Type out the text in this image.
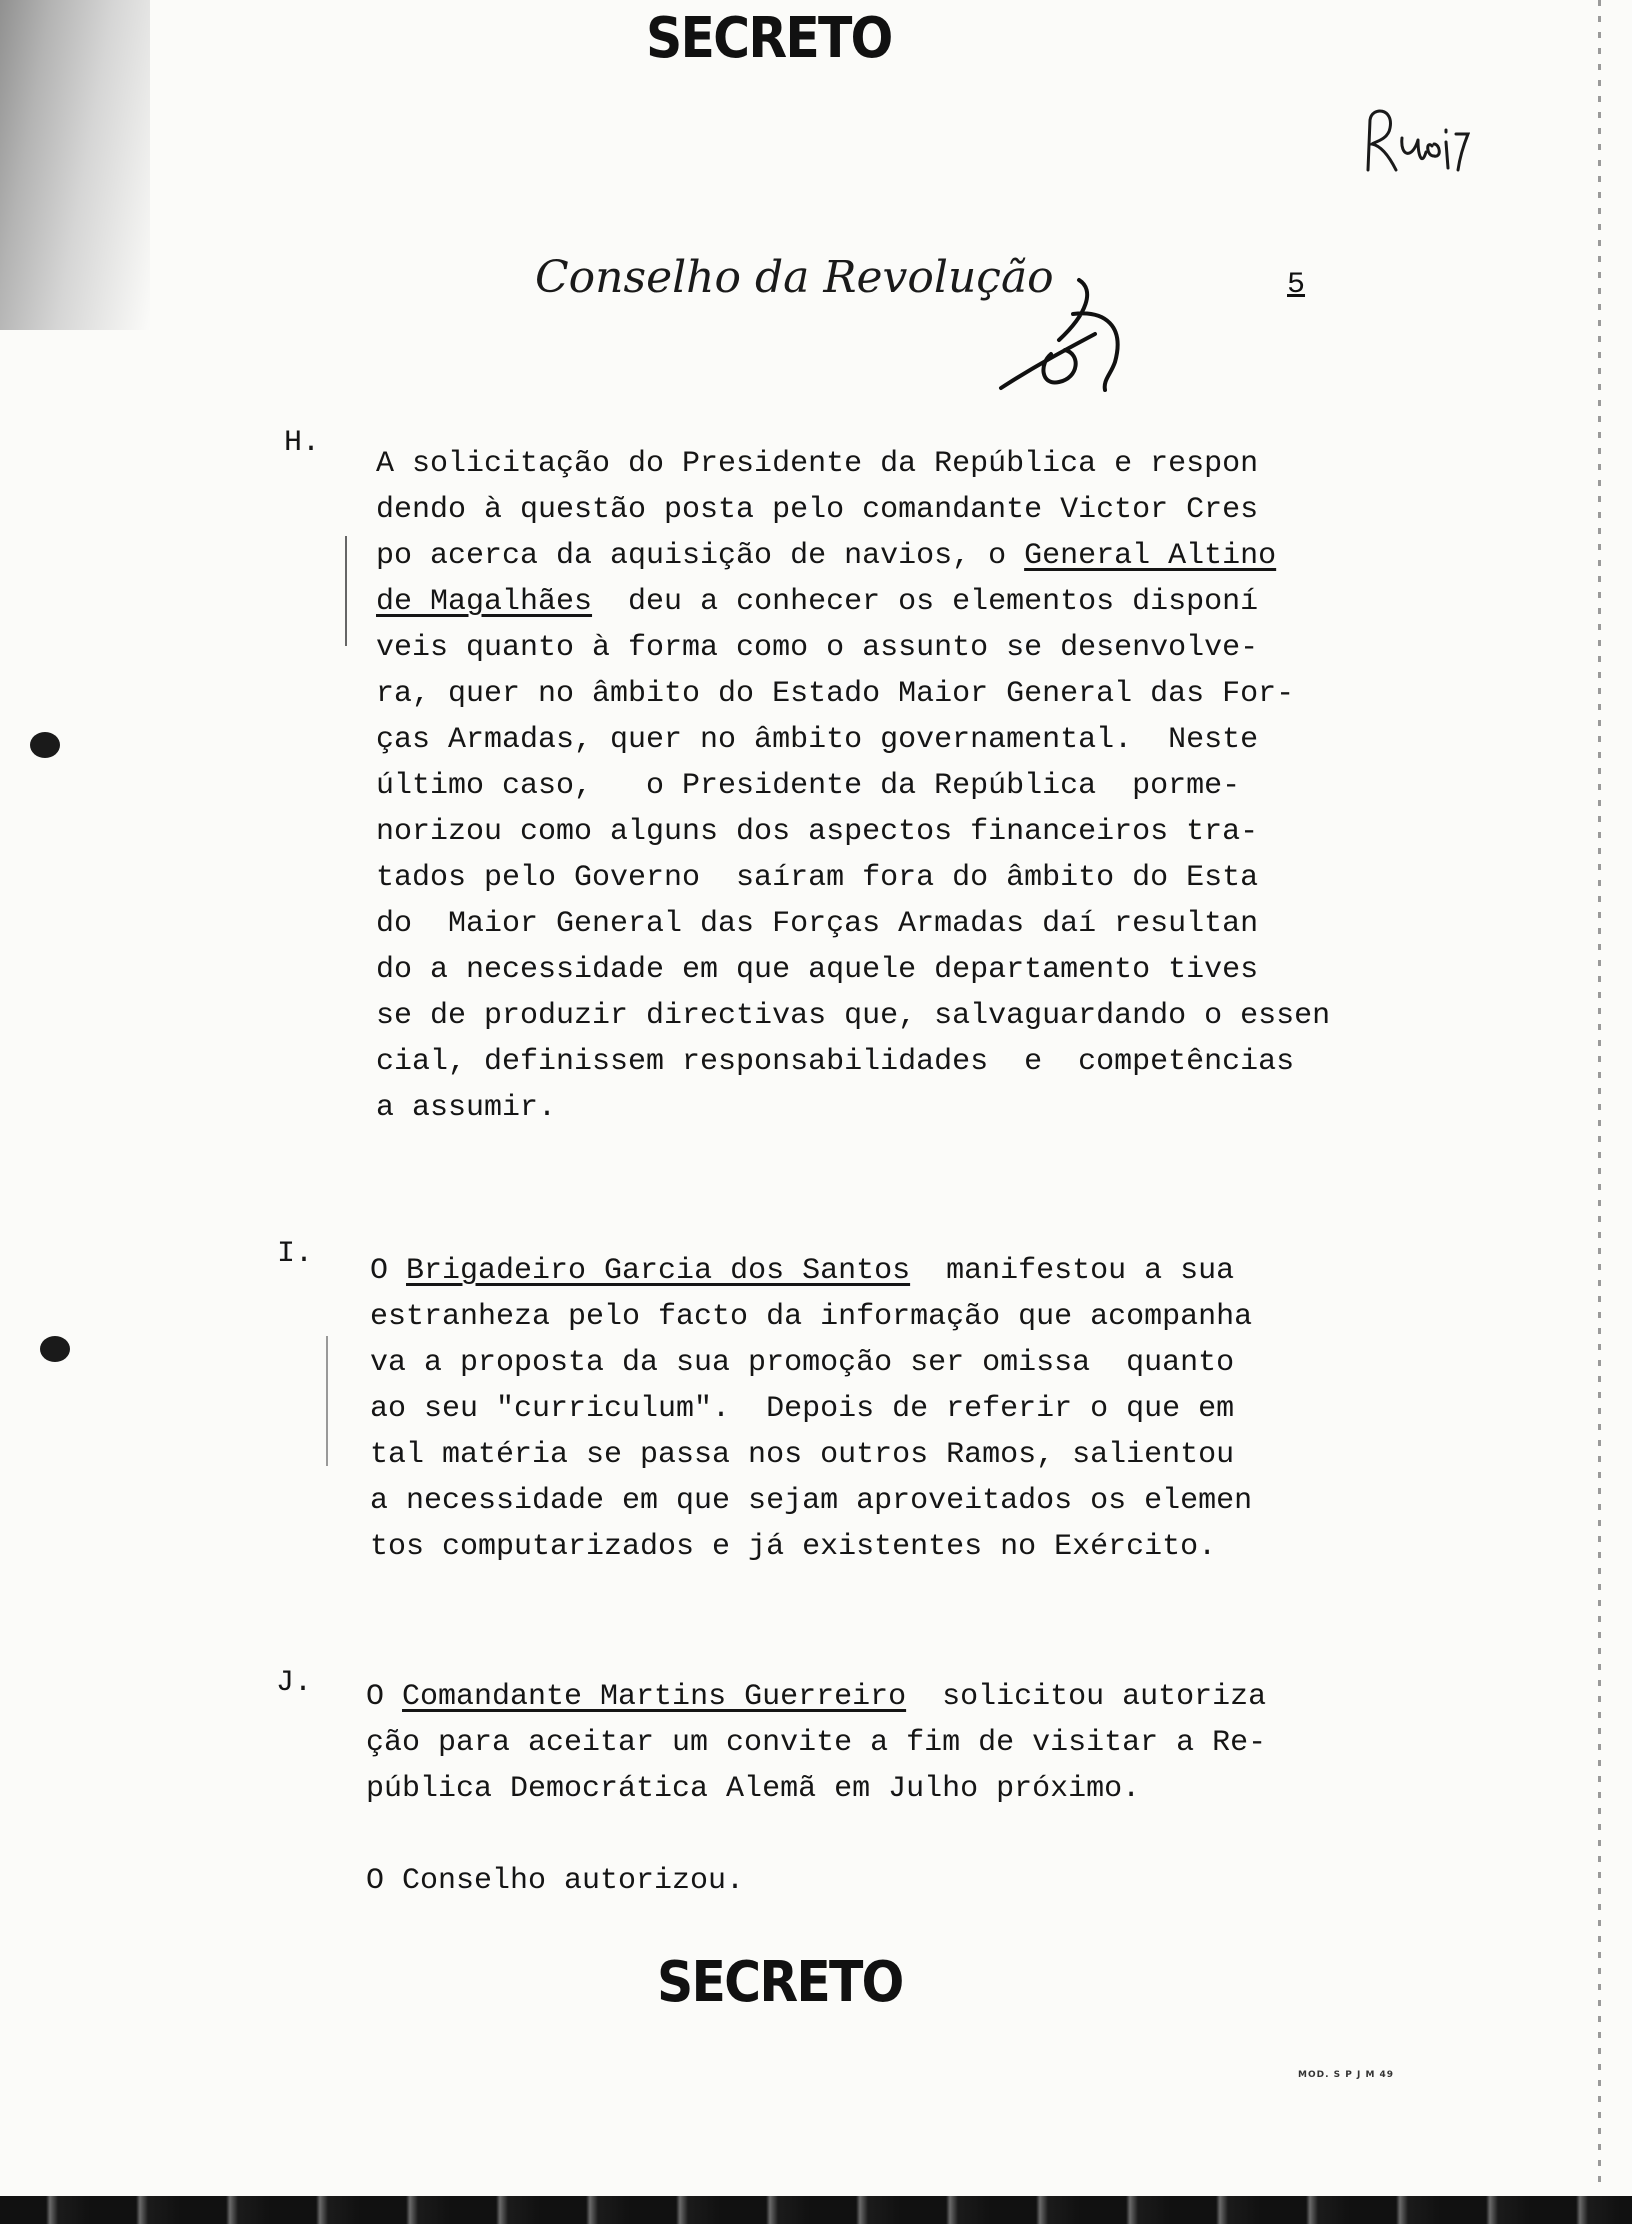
SECRETO
Conselho da Revolução	5
H.
A solicitação do Presidente da República e respon
dendo à questão posta pelo comandante Victor Cres
po acerca da aquisição de navios, o General Altino
de Magalhães  deu a conhecer os elementos disponí
veis quanto à forma como o assunto se desenvolve-
ra, quer no âmbito do Estado Maior General das For-
ças Armadas, quer no âmbito governamental.  Neste
último caso,   o Presidente da República  porme-
norizou como alguns dos aspectos financeiros tra-
tados pelo Governo  saíram fora do âmbito do Esta
do  Maior General das Forças Armadas daí resultan
do a necessidade em que aquele departamento tives
se de produzir directivas que, salvaguardando o essen
cial, definissem responsabilidades  e  competências
a assumir.
I. O Brigadeiro Garcia dos Santos  manifestou a sua
estranheza pelo facto da informação que acompanha
va a proposta da sua promoção ser omissa  quanto
ao seu "curriculum".  Depois de referir o que em
tal matéria se passa nos outros Ramos, salientou
a necessidade em que sejam aproveitados os elemen
tos computarizados e já existentes no Exército.
J. O Comandante Martins Guerreiro  solicitou autoriza
ção para aceitar um convite a fim de visitar a Re-
pública Democrática Alemã em Julho próximo.
O Conselho autorizou.
SECRETO
MOD. S P J M 49
